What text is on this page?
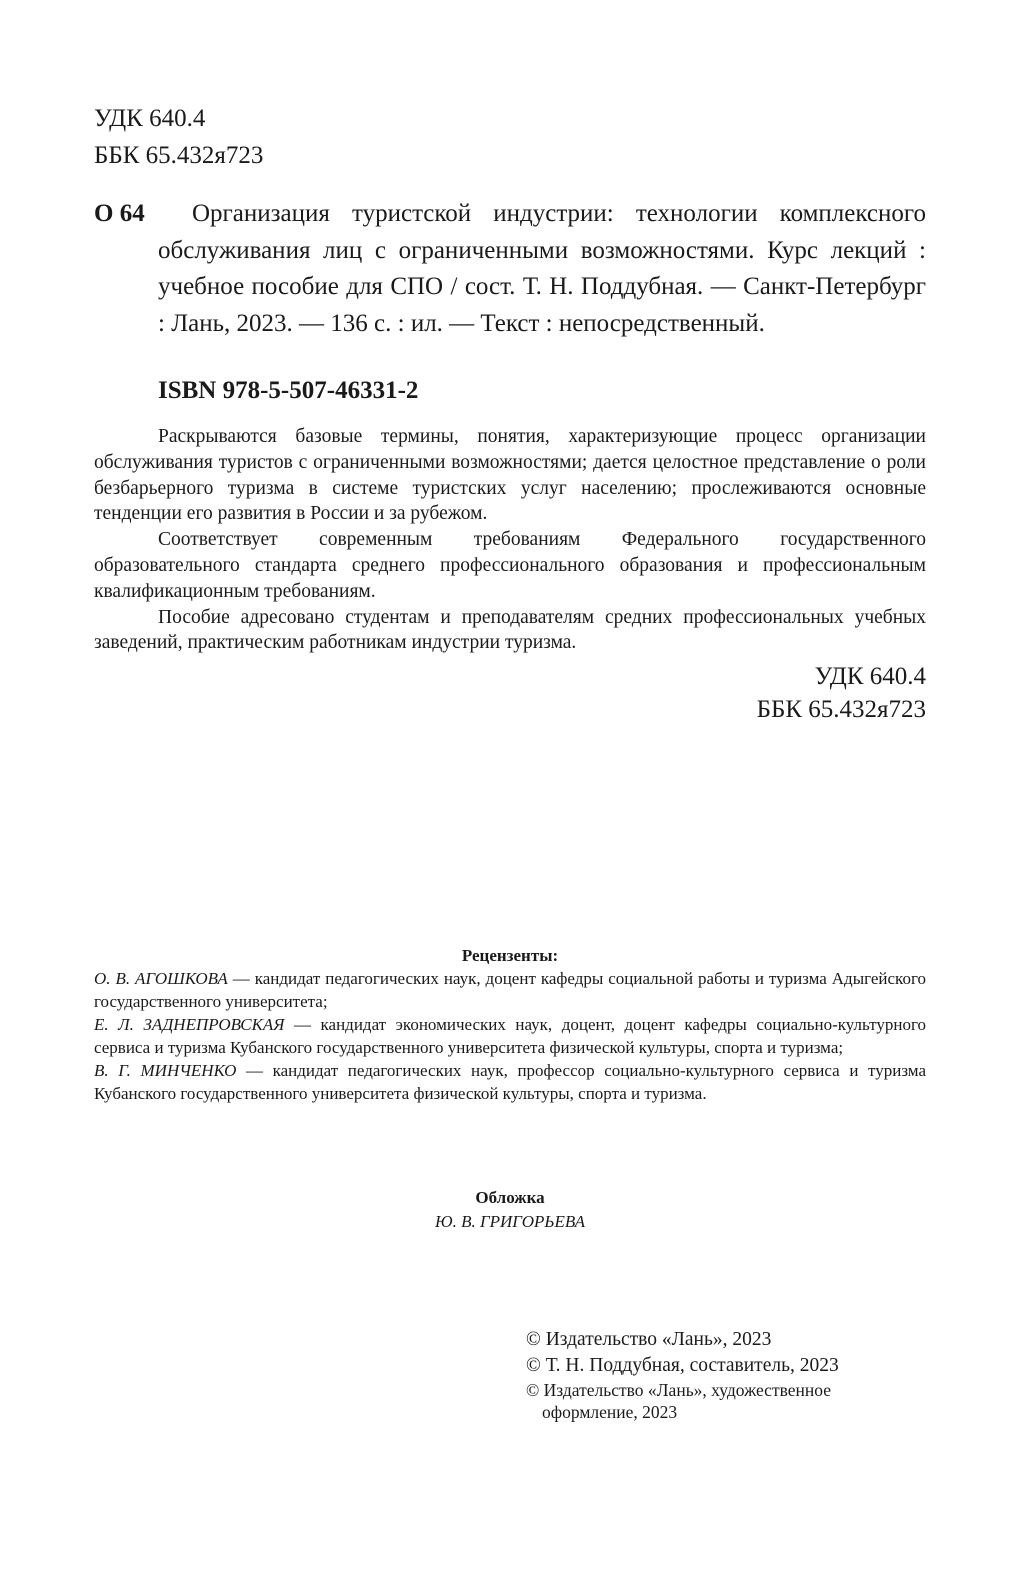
УДК 640.4
ББК 65.432я723
О 64	Организация туристской индустрии: технологии комплексного обслуживания лиц с ограниченными возможностями. Курс лекций : учебное пособие для СПО / сост. Т. Н. Поддубная. — Санкт-Петербург : Лань, 2023. — 136 с. : ил. — Текст : непосредственный.
ISBN 978-5-507-46331-2

Раскрываются базовые термины, понятия, характеризующие процесс организации обслуживания туристов с ограниченными возможностями; дается целостное представление о роли безбарьерного туризма в системе туристских услуг населению; прослеживаются основные тенденции его развития в России и за рубежом.

Соответствует современным требованиям Федерального государственного образовательного стандарта среднего профессионального образования и профессиональным квалификационным требованиям.

Пособие адресовано студентам и преподавателям средних профессиональных учебных заведений, практическим работникам индустрии туризма.

УДК 640.4
ББК 65.432я723
Рецензенты:

О. В. АГОШКОВА — кандидат педагогических наук, доцент кафедры социальной работы и туризма Адыгейского государственного университета;

Е. Л. ЗАДНЕПРОВСКАЯ — кандидат экономических наук, доцент, доцент кафедры социально-культурного сервиса и туризма Кубанского государственного университета физической культуры, спорта и туризма;

В. Г. МИНЧЕНКО — кандидат педагогических наук, профессор социально-культурного сервиса и туризма Кубанского государственного университета физической культуры, спорта и туризма.

Обложка
Ю. В. ГРИГОРЬЕВА
© Издательство «Лань», 2023
© Т. Н. Поддубная, составитель, 2023
© Издательство «Лань», художественное оформление, 2023
